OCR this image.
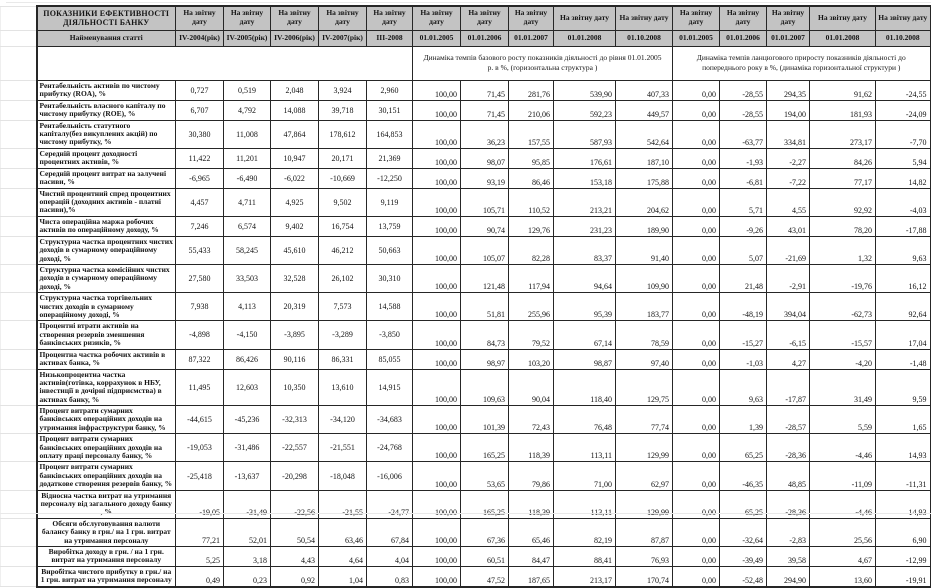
	ПОКАЗНИКИ ЕФЕКТИВНОСТІ ДІЯЛЬНОСТІ БАНКУ	На звітну дату	На звітну дату	На звітну дату	На звітну дату	На звітну дату	На звітну дату	На звітну дату	На звітну дату	На звітну дату	На звітну дату	На звітну дату	На звітну дату	На звітну дату	На звітну дату	На звітну дату
	Найменування статті	IV-2004(рік)	IV-2005(рік)	IV-2006(рік)	IV-2007(рік)	III-2008	01.01.2005	01.01.2006	01.01.2007	01.01.2008	01.10.2008	01.01.2005	01.01.2006	01.01.2007	01.01.2008	01.10.2008
							Динаміка темпів базового росту показників діяльності до рівня 01.01.2005 р. в %, (горизонтальна структура )					Динаміка темпів ланцюгового приросту показників діяльності до попереднього року в %, (динаміка горизонтальної структури )				
	Рентабельність активів по чистому прибутку (ROA), %	0,727	0,519	2,048	3,924	2,960	100,00	71,45	281,76	539,90	407,33	0,00	-28,55	294,35	91,62	-24,55
	Рентабельність власного капіталу по чистому прибутку (ROE), %	6,707	4,792	14,088	39,718	30,151	100,00	71,45	210,06	592,23	449,57	0,00	-28,55	194,00	181,93	-24,09
	Рентабельність статутного капіталу(без викуплених акцій) по чистому прибутку, %	30,380	11,008	47,864	178,612	164,853	100,00	36,23	157,55	587,93	542,64	0,00	-63,77	334,81	273,17	-7,70
	Середній процент доходності процентних активів, %	11,422	11,201	10,947	20,171	21,369	100,00	98,07	95,85	176,61	187,10	0,00	-1,93	-2,27	84,26	5,94
	Середній процент витрат на залучені пасиви, %	-6,965	-6,490	-6,022	-10,669	-12,250	100,00	93,19	86,46	153,18	175,88	0,00	-6,81	-7,22	77,17	14,82
	Чистий процентний спред процентних операцій (доходних активів - платні пасиви),%	4,457	4,711	4,925	9,502	9,119	100,00	105,71	110,52	213,21	204,62	0,00	5,71	4,55	92,92	-4,03
	Чиста операційна маржа робочих активів по операційному доходу, %	7,246	6,574	9,402	16,754	13,759	100,00	90,74	129,76	231,23	189,90	0,00	-9,26	43,01	78,20	-17,88
	Структурна частка процентних чистих доходів в сумарному операційному доході, %	55,433	58,245	45,610	46,212	50,663	100,00	105,07	82,28	83,37	91,40	0,00	5,07	-21,69	1,32	9,63
	Структурна частка комісійних чистих доходів в сумарному операційному доході, %	27,580	33,503	32,528	26,102	30,310	100,00	121,48	117,94	94,64	109,90	0,00	21,48	-2,91	-19,76	16,12
	Структурна частка торгівельних чистих доходів в сумарному операційному доході, %	7,938	4,113	20,319	7,573	14,588	100,00	51,81	255,96	95,39	183,77	0,00	-48,19	394,04	-62,73	92,64
	Процентні втрати активів на створення резервів зменшення банківських ризиків, %	-4,898	-4,150	-3,895	-3,289	-3,850	100,00	84,73	79,52	67,14	78,59	0,00	-15,27	-6,15	-15,57	17,04
	Процентна частка робочих активів в активах банка, %	87,322	86,426	90,116	86,331	85,055	100,00	98,97	103,20	98,87	97,40	0,00	-1,03	4,27	-4,20	-1,48
	Низькопроцентна частка активів(готівка, коррахунок в НБУ, інвестиції в дочірні підприємства) в активах банку, %	11,495	12,603	10,350	13,610	14,915	100,00	109,63	90,04	118,40	129,75	0,00	9,63	-17,87	31,49	9,59
	Процент витрати сумарних банківських операційних доходів на утримання інфраструктури банку, %	-44,615	-45,236	-32,313	-34,120	-34,683	100,00	101,39	72,43	76,48	77,74	0,00	1,39	-28,57	5,59	1,65
	Процент витрати сумарних банківських операційних доходів на оплату праці персоналу банку, %	-19,053	-31,486	-22,557	-21,551	-24,768	100,00	165,25	118,39	113,11	129,99	0,00	65,25	-28,36	-4,46	14,93
	Процент витрати сумарних банківських операційних доходів на додаткове створення резервів банку, %	-25,418	-13,637	-20,298	-18,048	-16,006	100,00	53,65	79,86	71,00	62,97	0,00	-46,35	48,85	-11,09	-11,31
	Відносна частка витрат на утримання персоналу від загального доходу банку , %	-19,05	-31,49	-22,56	-21,55	-24,77	100,00	165,25	118,39	113,11	129,99	0,00	65,25	-28,36	-4,46	14,93
	Обсяги обслуговування валюти балансу банку в грн./ на 1 грн. витрат на утримання персоналу	77,21	52,01	50,54	63,46	67,84	100,00	67,36	65,46	82,19	87,87	0,00	-32,64	-2,83	25,56	6,90
	Виробітка доходу в грн. / на 1 грн. витрат на утримання персоналу	5,25	3,18	4,43	4,64	4,04	100,00	60,51	84,47	88,41	76,93	0,00	-39,49	39,58	4,67	-12,99
	Виробітка чистого прибутку в грн./ на 1 грн. витрат на утримання персоналу	0,49	0,23	0,92	1,04	0,83	100,00	47,52	187,65	213,17	170,74	0,00	-52,48	294,90	13,60	-19,91
